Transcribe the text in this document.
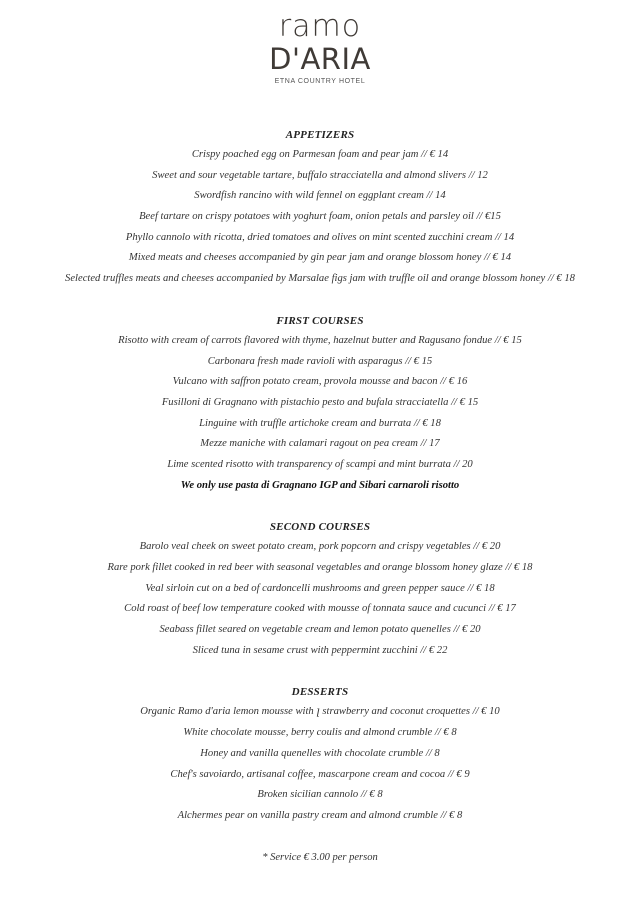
ramo
D'ARIA
ETNA COUNTRY HOTEL
APPETIZERS
Crispy poached egg on Parmesan foam and pear jam // € 14
Sweet and sour vegetable tartare, buffalo stracciatella and almond slivers // 12
Swordfish rancino with wild fennel on eggplant cream // 14
Beef tartare on crispy potatoes with yoghurt foam, onion petals and parsley oil // €15
Phyllo cannolo with ricotta, dried tomatoes and olives on mint scented zucchini cream // 14
Mixed meats and cheeses accompanied by gin pear jam and orange blossom honey // € 14
Selected truffles meats and cheeses accompanied by Marsalae figs jam with truffle oil and orange blossom honey // € 18
FIRST COURSES
Risotto with cream of carrots flavored with thyme, hazelnut butter and Ragusano fondue // € 15
Carbonara fresh made ravioli with asparagus // € 15
Vulcano with saffron potato cream, provola mousse and bacon // € 16
Fusilloni di Gragnano with pistachio pesto and bufala stracciatella // € 15
Linguine with truffle artichoke cream and burrata // € 18
Mezze maniche with calamari ragout on pea cream // 17
Lime scented risotto with transparency of scampi and mint burrata // 20
We only use pasta di Gragnano IGP and Sibari carnaroli risotto
SECOND COURSES
Barolo veal cheek on sweet potato cream, pork popcorn and crispy vegetables // € 20
Rare pork fillet cooked in red beer with seasonal vegetables and orange blossom honey glaze // € 18
Veal sirloin cut on a bed of cardoncelli mushrooms and green pepper sauce // € 18
Cold roast of beef low temperature cooked with mousse of tonnata sauce and cucunci // € 17
Seabass fillet seared on vegetable cream and lemon potato quenelles // € 20
Sliced tuna in sesame crust with peppermint zucchini // € 22
DESSERTS
Organic Ramo d'aria lemon mousse with ꞁ strawberry and coconut croquettes // € 10
White chocolate mousse, berry coulis and almond crumble // € 8
Honey and vanilla quenelles with chocolate crumble // 8
Chef's savoiardo, artisanal coffee, mascarpone cream and cocoa // € 9
Broken sicilian cannolo // € 8
Alchermes pear on vanilla pastry cream and almond crumble // € 8
* Service € 3.00 per person
